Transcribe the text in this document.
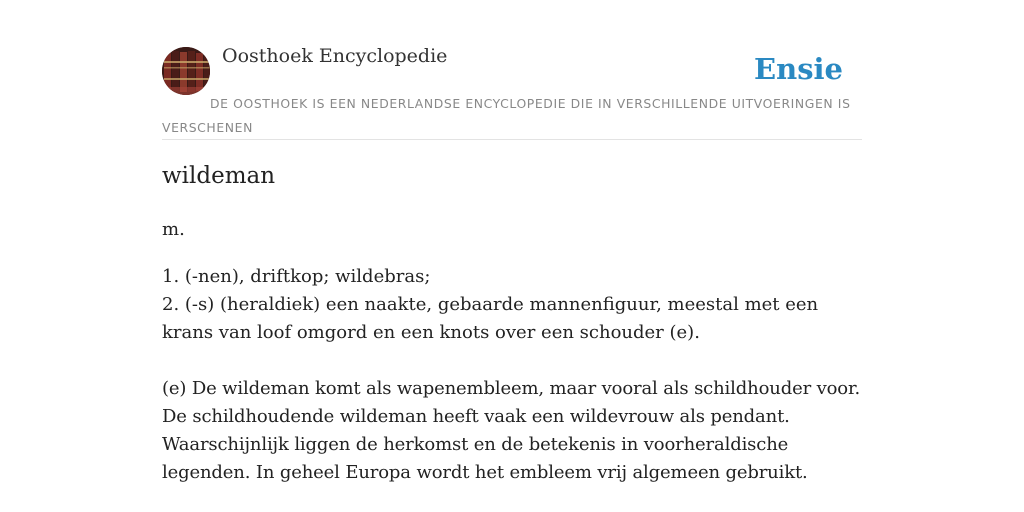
Oosthoek Encyclopedie	Ensie
DE OOSTHOEK IS EEN NEDERLANDSE ENCYCLOPEDIE DIE IN VERSCHILLENDE UITVOERINGEN IS VERSCHENEN
wildeman
m.

1. (-nen), driftkop; wildebras;

2. (-s) (heraldiek) een naakte, gebaarde mannenfiguur, meestal met een krans van loof omgord en een knots over een schouder (e).

(e) De wildeman komt als wapenembleem, maar vooral als schildhouder voor. De schildhoudende wildeman heeft vaak een wildevrouw als pendant. Waarschijnlijk liggen de herkomst en de betekenis in voorheraldische legenden. In geheel Europa wordt het embleem vrij algemeen gebruikt.
